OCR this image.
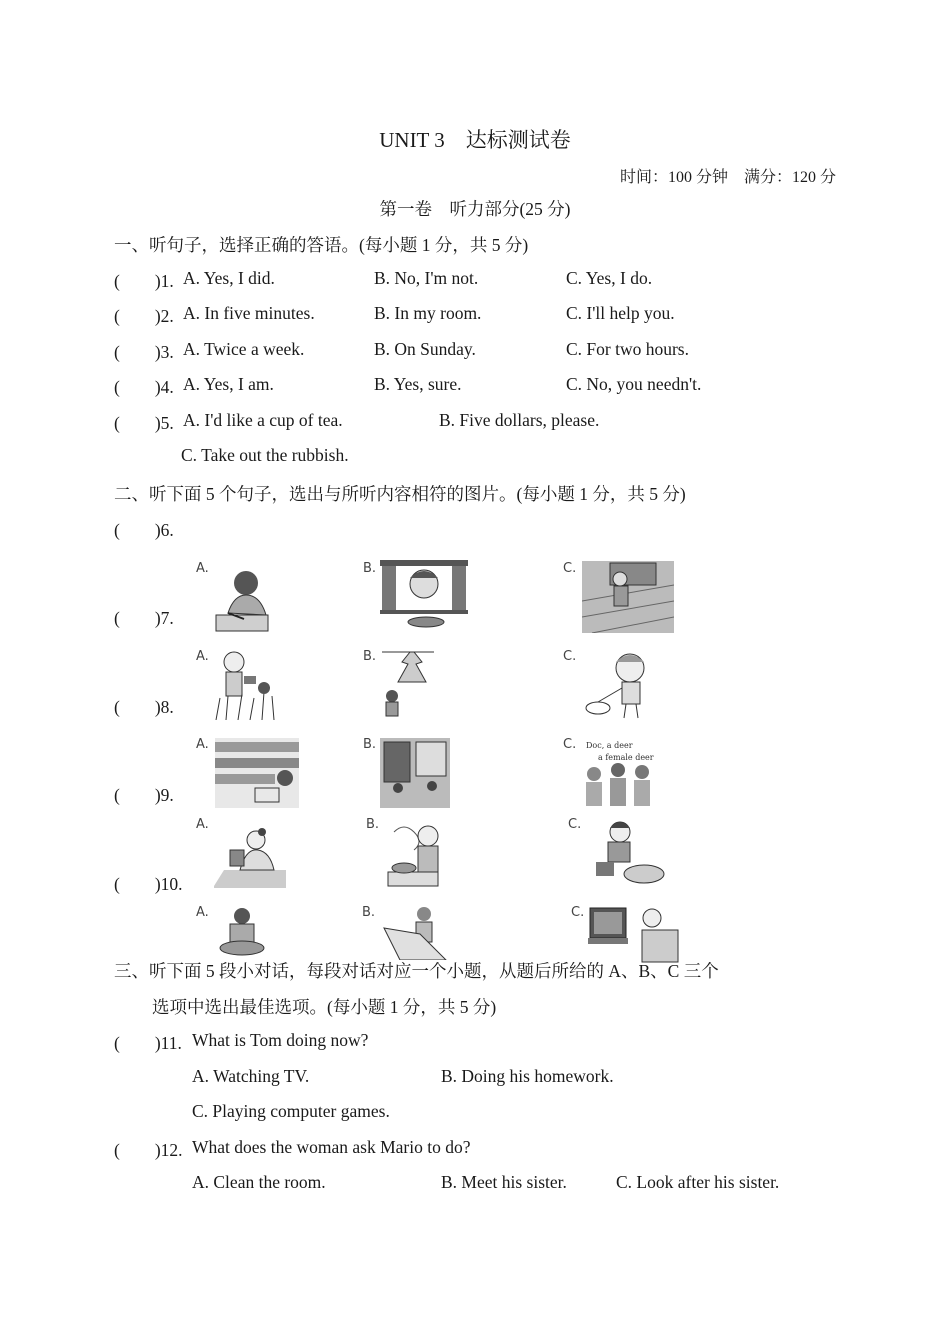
UNIT 3　达标测试卷
时间：100 分钟　满分：120 分
第一卷　听力部分(25 分)
一、听句子，选择正确的答语。(每小题 1 分，共 5 分)
(　　)1. A. Yes, I did.	B. No, I'm not.	C. Yes, I do.
(　　)2. A. In five minutes.	B. In my room.	C. I'll help you.
(　　)3. A. Twice a week.	B. On Sunday.	C. For two hours.
(　　)4. A. Yes, I am.	B. Yes, sure.	C. No, you needn't.
(　　)5. A. I'd like a cup of tea.	B. Five dollars, please.
C. Take out the rubbish.
二、听下面 5 个句子，选出与所听内容相符的图片。(每小题 1 分，共 5 分)
(　　)6.
(　　)7.
(　　)8.
(　　)9.
(　　)10.
A.	B.	C.
A.	B.	C.
A.	B.	C. Doc, a deer
a female deer
A.	B.	C.
A.	B.	C.
三、听下面 5 段小对话，每段对话对应一个小题，从题后所给的 A、B、C 三个
选项中选出最佳选项。(每小题 1 分，共 5 分)
(　　)11. What is Tom doing now?
A. Watching TV.	B. Doing his homework.
C. Playing computer games.
(　　)12. What does the woman ask Mario to do?
A. Clean the room.	B. Meet his sister.	C. Look after his sister.
